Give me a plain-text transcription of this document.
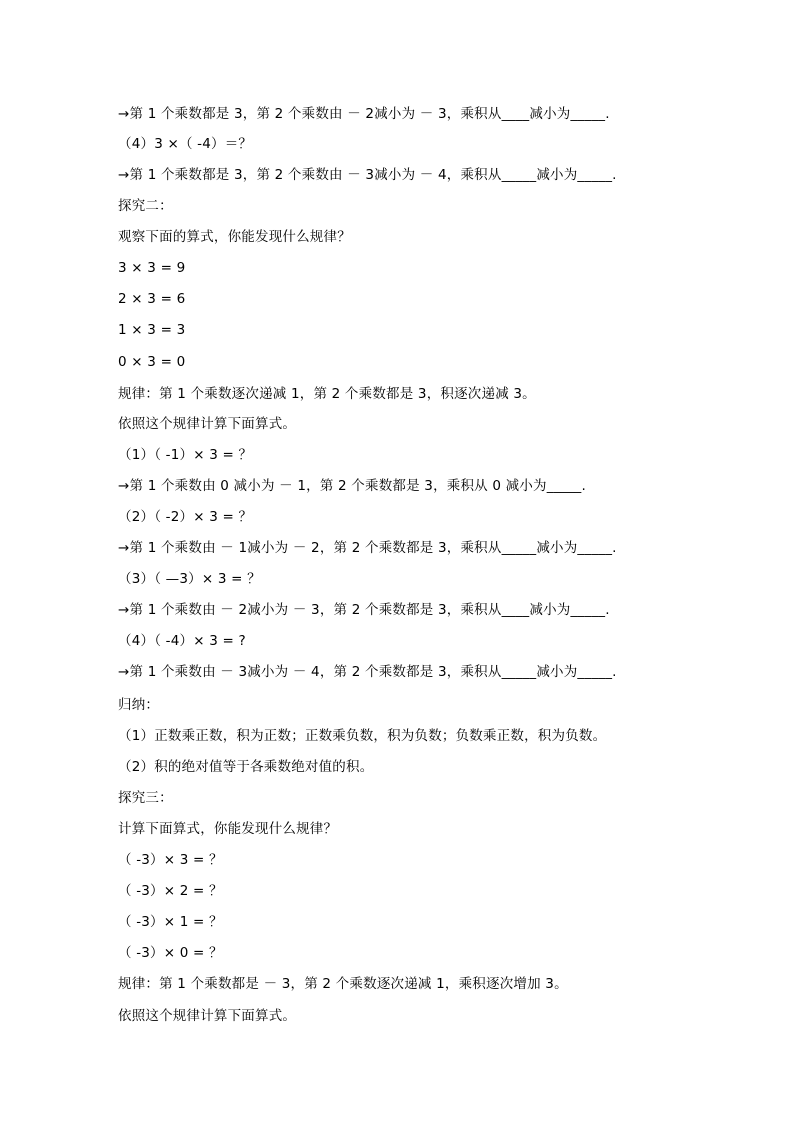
→第 1 个乘数都是 3，第 2 个乘数由 － 2减小为 － 3，乘积从____减小为_____.
（4）3 ×（ -4）＝？
→第 1 个乘数都是 3，第 2 个乘数由 － 3减小为 － 4，乘积从_____减小为_____.
探究二：
观察下面的算式，你能发现什么规律？
3 × 3 = 9
2 × 3 = 6
1 × 3 = 3
0 × 3 = 0
规律：第 1 个乘数逐次递减 1，第 2 个乘数都是 3，积逐次递减 3。
依照这个规律计算下面算式。
（1）（ -1）× 3 = ？
→第 1 个乘数由 0 减小为 － 1，第 2 个乘数都是 3，乘积从 0 减小为_____.
（2）（ -2）× 3 = ？
→第 1 个乘数由 － 1减小为 － 2，第 2 个乘数都是 3，乘积从_____减小为_____.
（3）（ —3）× 3 = ？
→第 1 个乘数由 － 2减小为 － 3，第 2 个乘数都是 3，乘积从____减小为_____.
（4）（ -4）× 3 = ?
→第 1 个乘数由 － 3减小为 － 4，第 2 个乘数都是 3，乘积从_____减小为_____.
归纳：
（1）正数乘正数，积为正数；正数乘负数，积为负数；负数乘正数，积为负数。
（2）积的绝对值等于各乘数绝对值的积。
探究三：
计算下面算式，你能发现什么规律？
（ -3）× 3 = ？
（ -3）× 2 = ？
（ -3）× 1 = ？
（ -3）× 0 = ？
规律：第 1 个乘数都是 － 3，第 2 个乘数逐次递减 1，乘积逐次增加 3。
依照这个规律计算下面算式。
